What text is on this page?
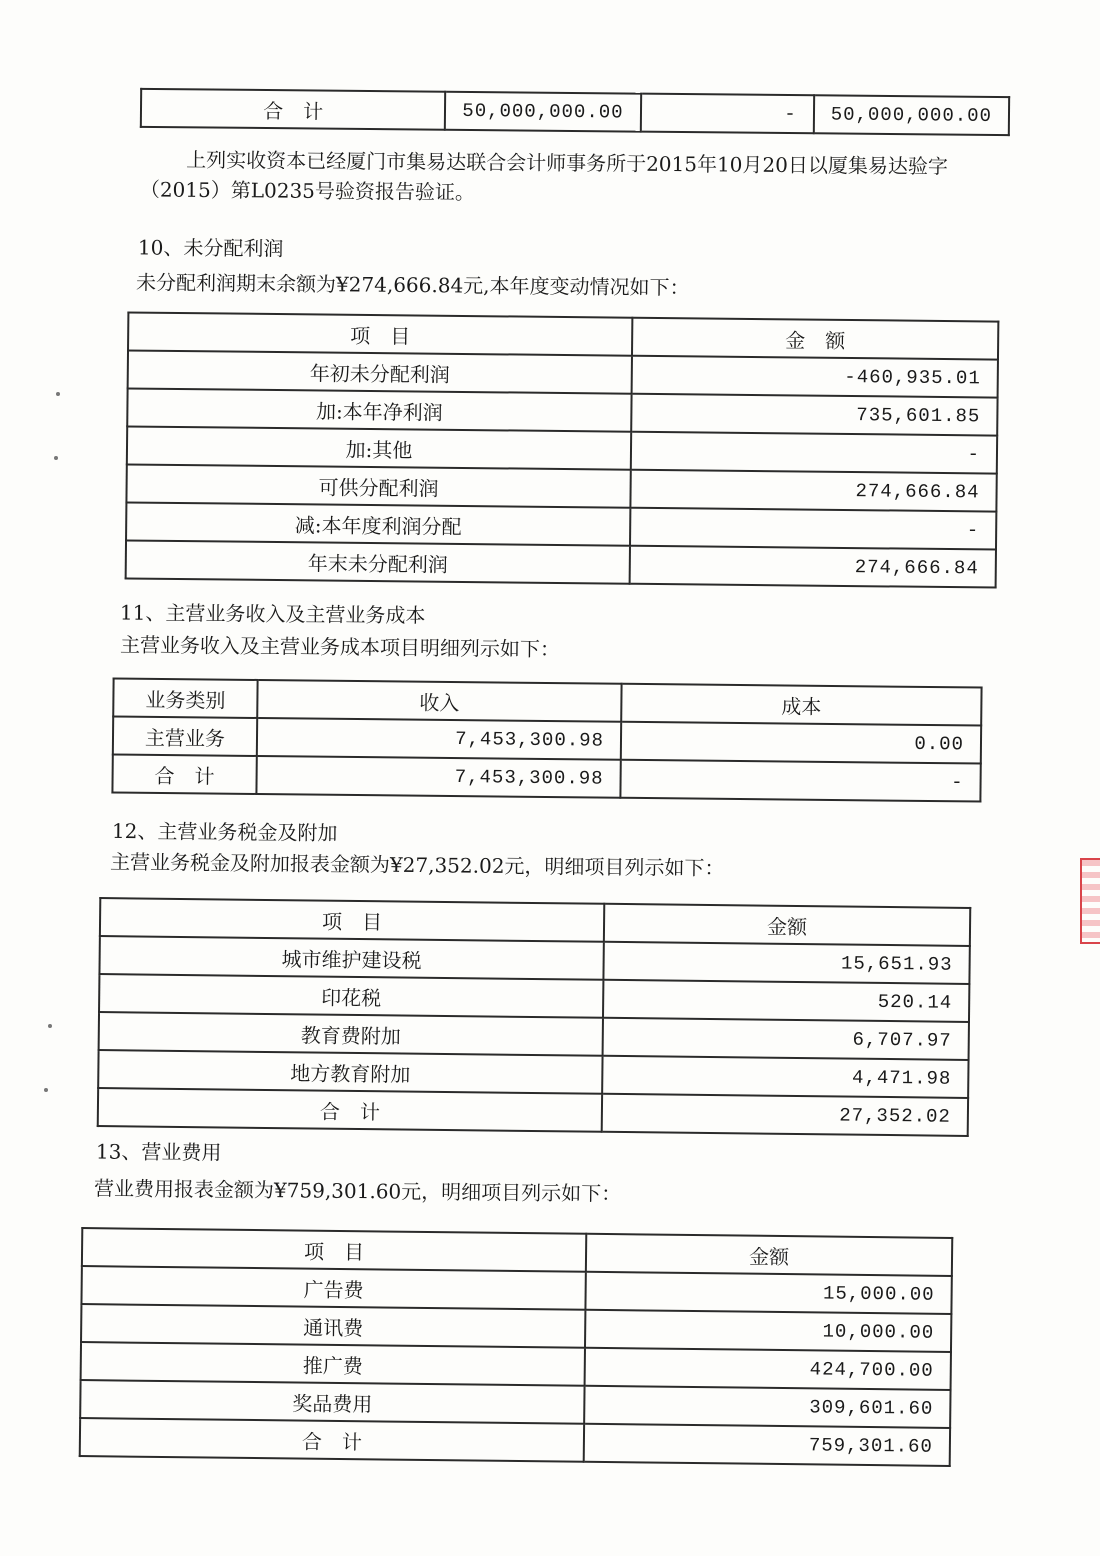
合　计	50,000,000.00	-	50,000,000.00
上列实收资本已经厦门市集易达联合会计师事务所于2015年10月20日以厦集易达验字（2015）第L0235号验资报告验证。
10、未分配利润
未分配利润期末余额为¥274,666.84元,本年度变动情况如下：
项　目	金　额
年初未分配利润	-460,935.01
加:本年净利润	735,601.85
加:其他	-
可供分配利润	274,666.84
减:本年度利润分配	-
年末未分配利润	274,666.84
11、主营业务收入及主营业务成本
主营业务收入及主营业务成本项目明细列示如下：
业务类别	收入	成本
主营业务	7,453,300.98	0.00
合　计	7,453,300.98	-
12、主营业务税金及附加
主营业务税金及附加报表金额为¥27,352.02元，明细项目列示如下：
项　目	金额
城市维护建设税	15,651.93
印花税	520.14
教育费附加	6,707.97
地方教育附加	4,471.98
合　计	27,352.02
13、营业费用
营业费用报表金额为¥759,301.60元，明细项目列示如下：
项　目	金额
广告费	15,000.00
通讯费	10,000.00
推广费	424,700.00
奖品费用	309,601.60
合　计	759,301.60
